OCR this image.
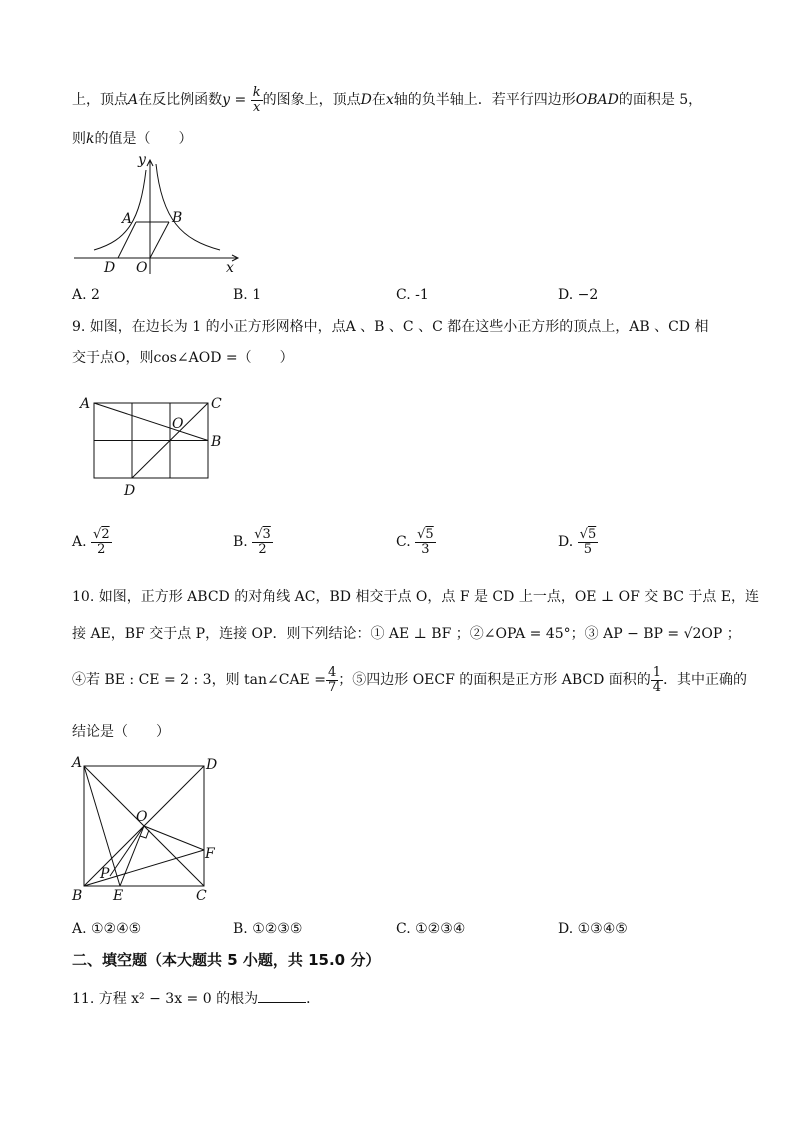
上，顶点A在反比例函数$y = \frac{k}{x}$ 的图象上，顶点D在x轴的负半轴上．若平行四边形OBAD的面积是 5，
则k的值是（　　）
y
A	B
D O	x
A. 2	B. 1	C. -1	D. −2
9. 如图，在边长为 1 的小正方形网格中，点A 、B 、C 、C 都在这些小正方形的顶点上，AB 、CD 相
交于点O，则cos∠AOD =（　　）
A	C
O
B
D
A. $\frac{√2}{2}$	B. $\frac{√3}{2}$	C. $\frac{√5}{3}$	D. $\frac{√5}{5}$
10. 如图，正方形 ABCD 的对角线 AC，BD 相交于点 O，点 F 是 CD 上一点，OE ⊥ OF 交 BC 于点 E，连
接 AE，BF 交于点 P，连接 OP．则下列结论：① AE ⊥ BF ；②∠OPA = 45°；③ AP − BP = √2OP ；
④若 BE : CE = 2 : 3，则 tan∠CAE = $\frac{4}{7}$ ；⑤四边形 OECF 的面积是正方形 ABCD 面积的 $\frac{1}{4}$ ．其中正确的
结论是（　　）
A	D
O
F
P
B E	C
A. ①②④⑤	B. ①②③⑤	C. ①②③④	D. ①③④⑤
二、填空题（本大题共 5 小题，共 15.0 分）
11. 方程 x² − 3x = 0 的根为	．
